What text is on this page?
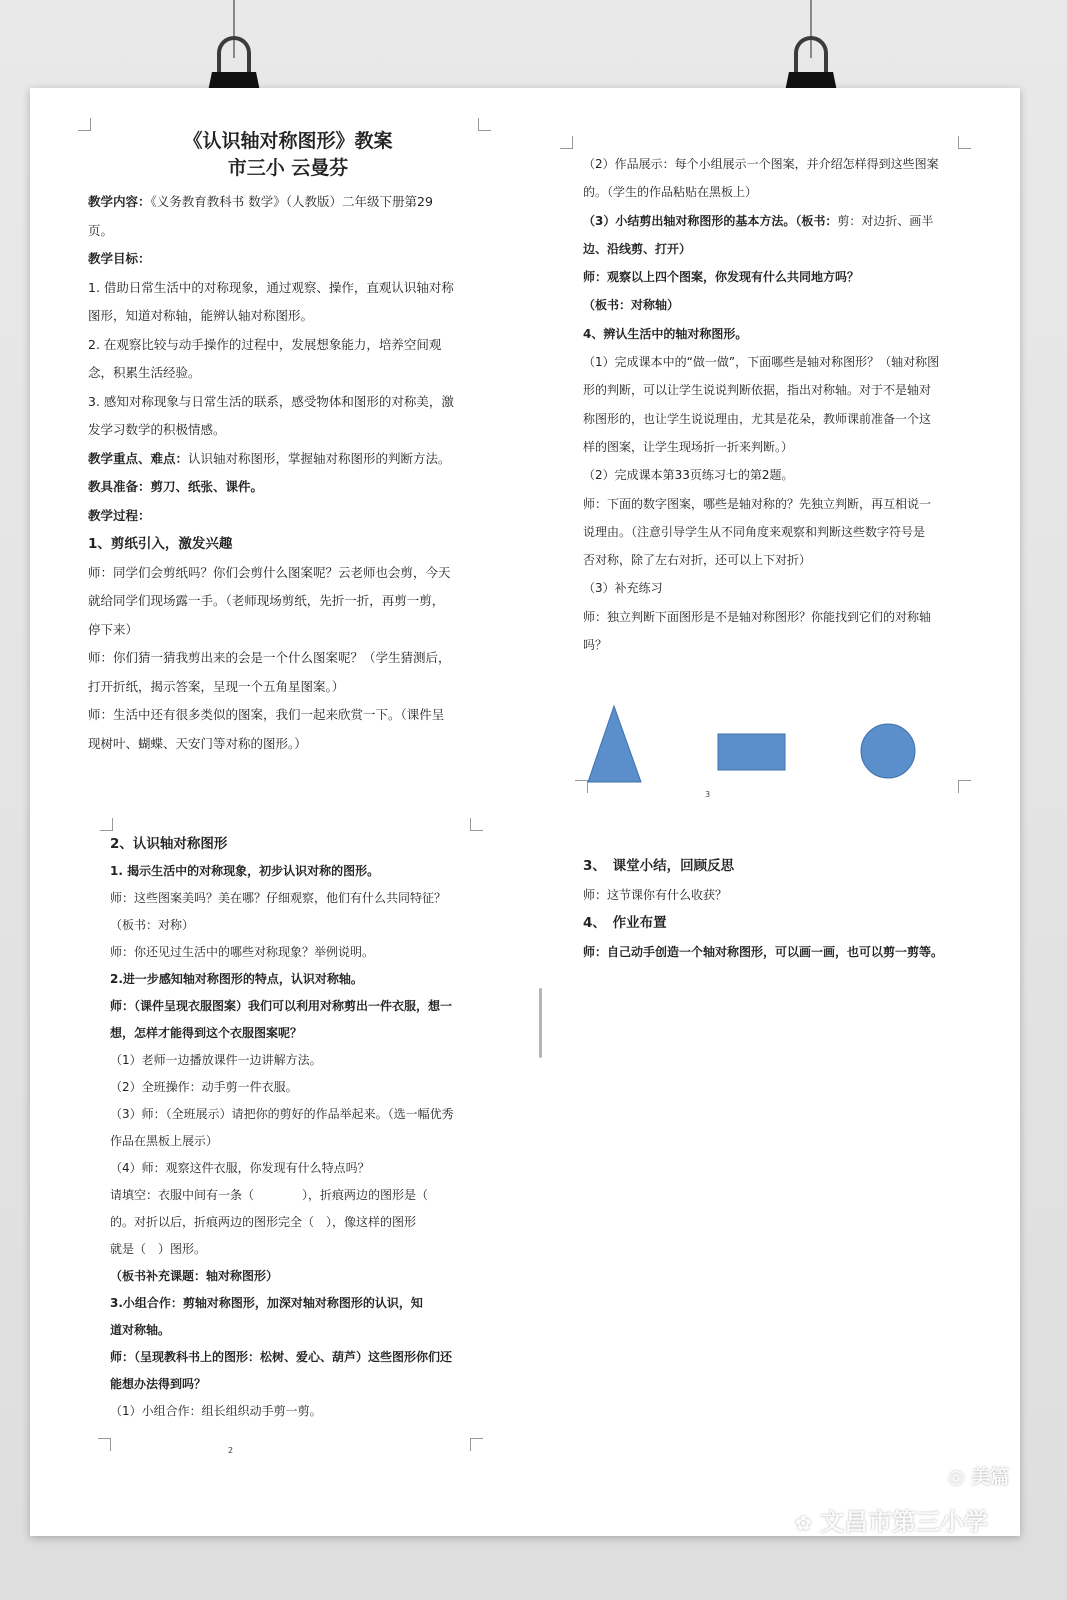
《认识轴对称图形》教案

市三小 云曼芬

教学内容：《义务教育教科书 数学》（人教版）二年级下册第29

页。

教学目标：

1. 借助日常生活中的对称现象，通过观察、操作，直观认识轴对称

图形，知道对称轴，能辨认轴对称图形。

2. 在观察比较与动手操作的过程中，发展想象能力，培养空间观

念，积累生活经验。

3. 感知对称现象与日常生活的联系，感受物体和图形的对称美，激

发学习数学的积极情感。

教学重点、难点：认识轴对称图形，掌握轴对称图形的判断方法。

教具准备：剪刀、纸张、课件。

教学过程：

1、剪纸引入，激发兴趣

师：同学们会剪纸吗？你们会剪什么图案呢？云老师也会剪，今天

就给同学们现场露一手。（老师现场剪纸，先折一折，再剪一剪，

停下来）

师：你们猜一猜我剪出来的会是一个什么图案呢？（学生猜测后，

打开折纸，揭示答案，呈现一个五角星图案。）

师：生活中还有很多类似的图案，我们一起来欣赏一下。（课件呈

现树叶、蝴蝶、天安门等对称的图形。）

2、认识轴对称图形

1. 揭示生活中的对称现象，初步认识对称的图形。

师：这些图案美吗？美在哪？仔细观察，他们有什么共同特征？

（板书：对称）

师：你还见过生活中的哪些对称现象？举例说明。

2.进一步感知轴对称图形的特点，认识对称轴。

师：（课件呈现衣服图案）我们可以利用对称剪出一件衣服，想一

想，怎样才能得到这个衣服图案呢？

（1）老师一边播放课件一边讲解方法。

（2）全班操作：动手剪一件衣服。

（3）师：（全班展示）请把你的剪好的作品举起来。（选一幅优秀

作品在黑板上展示）

（4）师：观察这件衣服，你发现有什么特点吗？

请填空：衣服中间有一条（　　　　），折痕两边的图形是（

的。对折以后，折痕两边的图形完全（　），像这样的图形

就是（　）图形。

（板书补充课题：轴对称图形）

3.小组合作：剪轴对称图形，加深对轴对称图形的认识，知

道对称轴。

师：（呈现教科书上的图形：松树、爱心、葫芦）这些图形你们还

能想办法得到吗？

（1）小组合作：组长组织动手剪一剪。

2

（2）作品展示：每个小组展示一个图案，并介绍怎样得到这些图案

的。（学生的作品粘贴在黑板上）

（3）小结剪出轴对称图形的基本方法。（板书：剪：对边折、画半

边、沿线剪、打开）

师：观察以上四个图案，你发现有什么共同地方吗？

（板书：对称轴）

4、辨认生活中的轴对称图形。

（1）完成课本中的“做一做”，下面哪些是轴对称图形？（轴对称图

形的判断，可以让学生说说判断依据，指出对称轴。对于不是轴对

称图形的，也让学生说说理由，尤其是花朵，教师课前准备一个这

样的图案，让学生现场折一折来判断。）

（2）完成课本第33页练习七的第2题。

师：下面的数字图案，哪些是轴对称的？先独立判断，再互相说一

说理由。（注意引导学生从不同角度来观察和判断这些数字符号是

否对称，除了左右对折，还可以上下对折）

（3）补充练习

师：独立判断下面图形是不是轴对称图形？你能找到它们的对称轴

吗？

3

3、　课堂小结，回顾反思

师：这节课你有什么收获？

4、　作业布置

师：自己动手创造一个轴对称图形，可以画一画，也可以剪一剪等。

◎ 美篇
✿ 文昌市第三小学
